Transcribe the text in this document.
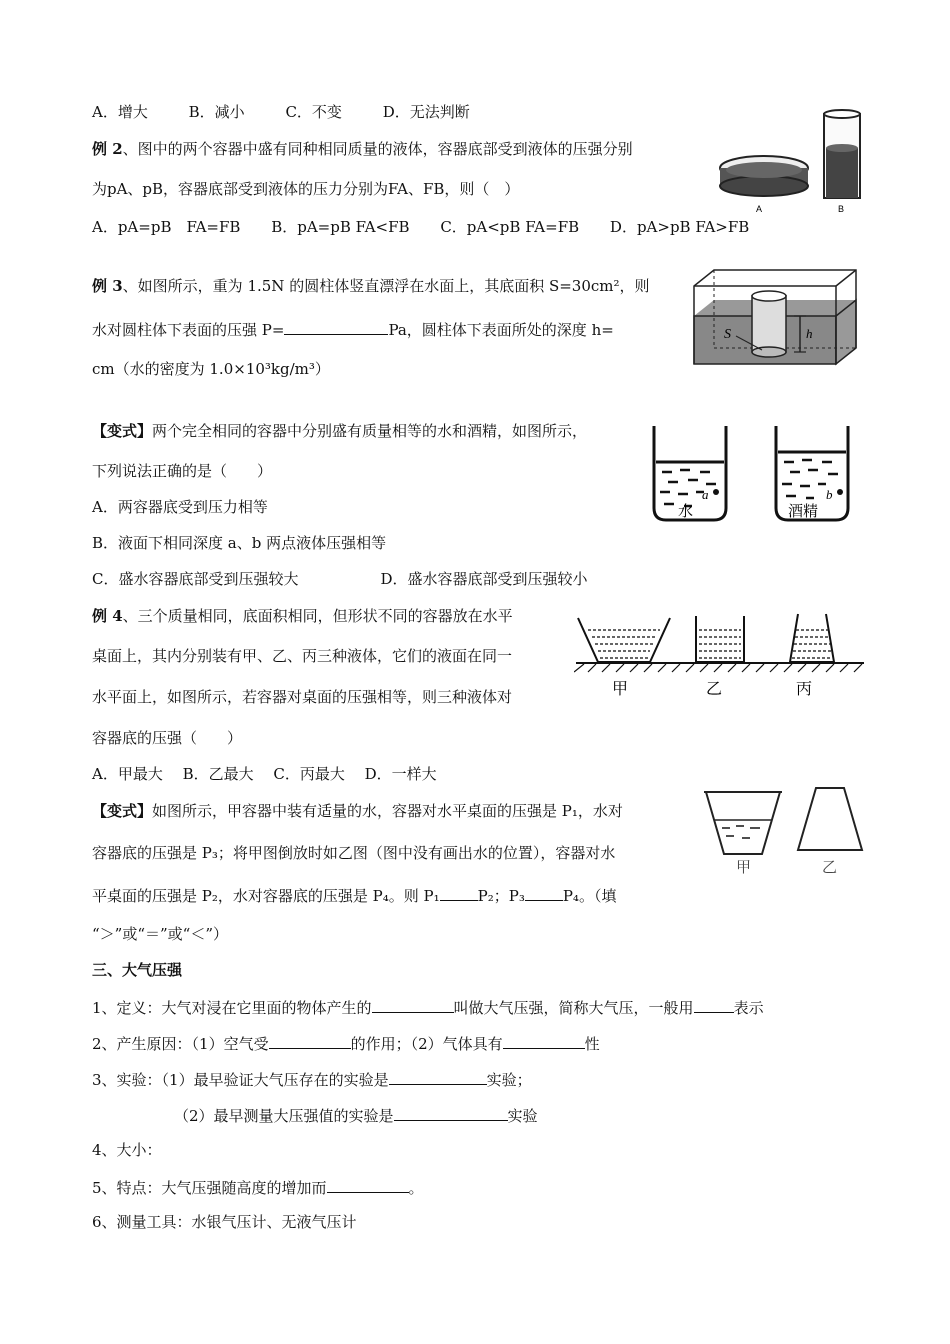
A．增大	B．减小	C．不变	D．无法判断
例 2、图中的两个容器中盛有同种相同质量的液体，容器底部受到液体的压强分别
为pA、pB，容器底部受到液体的压力分别为FA、FB，则（　）
A．pA=pB　FA=FB B．pA=pB FA<FB C．pA<pB FA=FB D．pA>pB FA>FB
A	B
例 3、如图所示，重为 1.5N 的圆柱体竖直漂浮在水面上，其底面积 S=30cm²，则
水对圆柱体下表面的压强 P=	Pa，圆柱体下表面所处的深度 h=
cm（水的密度为 1.0×10³kg/m³）
h
S
【变式】两个完全相同的容器中分别盛有质量相等的水和酒精，如图所示，
下列说法正确的是（　　）
A．两容器底受到压力相等
B．液面下相同深度 a、b 两点液体压强相等
C．盛水容器底部受到压强较大	D．盛水容器底部受到压强较小
a	b
水	酒精
例 4、三个质量相同，底面积相同，但形状不同的容器放在水平
桌面上，其内分别装有甲、乙、丙三种液体，它们的液面在同一
水平面上，如图所示，若容器对桌面的压强相等，则三种液体对
容器底的压强（　　）
A．甲最大　 B．乙最大　 C．丙最大　 D．一样大
甲	乙	丙
【变式】如图所示，甲容器中装有适量的水，容器对水平桌面的压强是 P₁，水对
容器底的压强是 P₃；将甲图倒放时如乙图（图中没有画出水的位置），容器对水
平桌面的压强是 P₂，水对容器底的压强是 P₄。则 P₁	P₂；P₃	P₄。（填
“＞”或“＝”或“＜”）
甲	乙
三、大气压强
1、定义：大气对浸在它里面的物体产生的	叫做大气压强，简称大气压，一般用	表示
2、产生原因：（1）空气受	的作用；（2）气体具有	性
3、实验：（1）最早验证大气压存在的实验是	实验；
（2）最早测量大压强值的实验是	实验
4、大小：
5、特点：大气压强随高度的增加而	。
6、测量工具：水银气压计、无液气压计
